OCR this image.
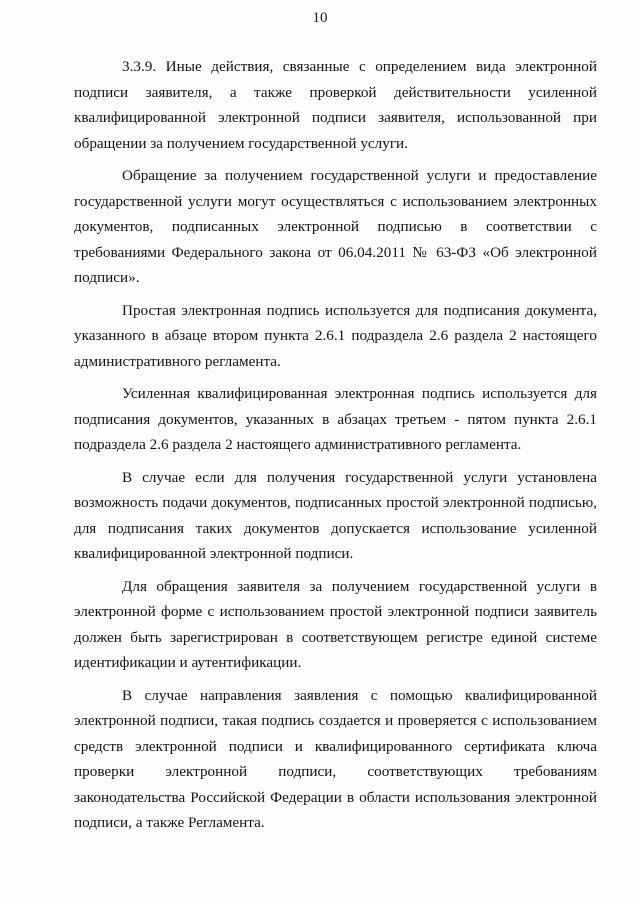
10

3.3.9. Иные действия, связанные с определением вида электронной подписи заявителя, а также проверкой действительности усиленной квалифицированной электронной подписи заявителя, использованной при обращении за получением государственной услуги.

Обращение за получением государственной услуги и предоставление государственной услуги могут осуществляться с использованием электронных документов, подписанных электронной подписью в соответствии с требованиями Федерального закона от 06.04.2011 № 63-ФЗ «Об электронной подписи».

Простая электронная подпись используется для подписания документа, указанного в абзаце втором пункта 2.6.1 подраздела 2.6 раздела 2 настоящего административного регламента.

Усиленная квалифицированная электронная подпись используется для подписания документов, указанных в абзацах третьем - пятом пункта 2.6.1 подраздела 2.6 раздела 2 настоящего административного регламента.

В случае если для получения государственной услуги установлена возможность подачи документов, подписанных простой электронной подписью, для подписания таких документов допускается использование усиленной квалифицированной электронной подписи.

Для обращения заявителя за получением государственной услуги в электронной форме с использованием простой электронной подписи заявитель должен быть зарегистрирован в соответствующем регистре единой системе идентификации и аутентификации.

В случае направления заявления с помощью квалифицированной электронной подписи, такая подпись создается и проверяется с использованием средств электронной подписи и квалифицированного сертификата ключа проверки электронной подписи, соответствующих требованиям законодательства Российской Федерации в области использования электронной подписи, а также Регламента.
